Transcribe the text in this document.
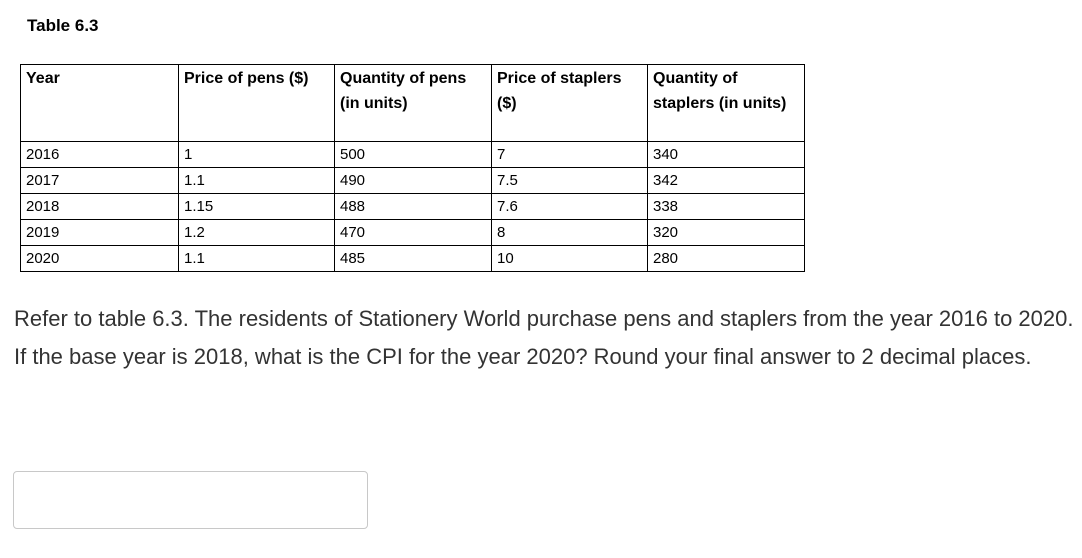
Table 6.3
Year	Price of pens ($)	Quantity of pens (in units)	Price of staplers ($)	Quantity of staplers (in units)
2016	1	500	7	340
2017	1.1	490	7.5	342
2018	1.15	488	7.6	338
2019	1.2	470	8	320
2020	1.1	485	10	280
Refer to table 6.3. The residents of Stationery World purchase pens and staplers from the year 2016 to 2020. If the base year is 2018, what is the CPI for the year 2020? Round your final answer to 2 decimal places.
